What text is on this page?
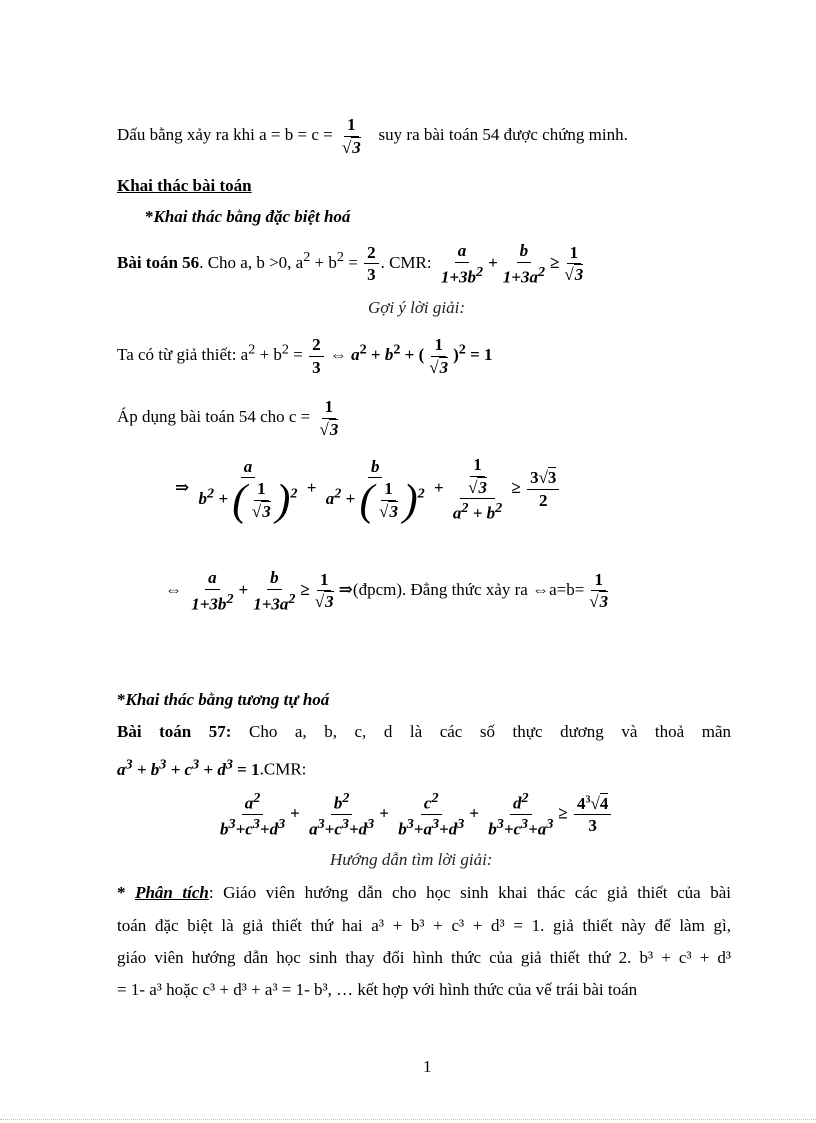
Dấu bằng xảy ra khi $a = b = c = \frac{1}{√3}$ suy ra bài toán 54 được chứng minh.
Khai thác bài toán
*Khai thác bằng đặc biệt hoá
Bài toán 56. Cho a, b >0, $a^2 + b^2 = \frac{2}{3}$ . CMR: $\frac{a}{1+3b^2} + \frac{b}{1+3a^2} \ge \frac{1}{√3}$
Gợi ý lời giải:
Ta có từ giả thiết: $a^2 + b^2 = \frac{2}{3}$ ⇔ $a^2 + b^2$ + ( $\frac{1}{√3} )^2 = 1$
Áp dụng bài toán 54 cho $c = \frac{1}{√3}$
⇒ $\frac{a}{b^2 + ( \frac{1}{√3} )^2} + \frac{b}{a^2 + ( \frac{1}{√3} )^2} + \frac{\frac{1}{√3}}{a^2 + b^2} \ge \frac{3√3}{2}$
⇔ $\frac{a}{1+3b^2} + \frac{b}{1+3a^2} \ge \frac{1}{√3}$ ⇒(đpcm). Đẳng thức xảy ra ⇔a=b= $\frac{1}{√3}$
*Khai thác bằng tương tự hoá
Bài toán 57: Cho a, b, c, d là các số thực dương và thoả mãn
$a^3 + b^3 + c^3 + d^3 = 1.CMR$:
$\frac{a^2}{b^3+c^3+d^3} + \frac{b^2}{a^3+c^3+d^3} + \frac{c^2}{b^3+a^3+d^3} + \frac{d^2}{b^3+c^3+a^3} \ge \frac{4^3√4}{3}$
Hướng dẫn tìm lời giải:
* Phân tích: Giáo viên hướng dẫn cho học sinh khai thác các giả thiết của bài
toán đặc biệt là giả thiết thứ hai a³ + b³ + c³ + d³ = 1. giả thiết này để làm gì,
giáo viên hướng dẫn học sinh thay đổi hình thức của giả thiết thứ 2. b³ + c³ + d³
= 1- a³ hoặc c³ + d³ + a³ = 1- b³, … kết hợp với hình thức của vế trái bài toán
1
